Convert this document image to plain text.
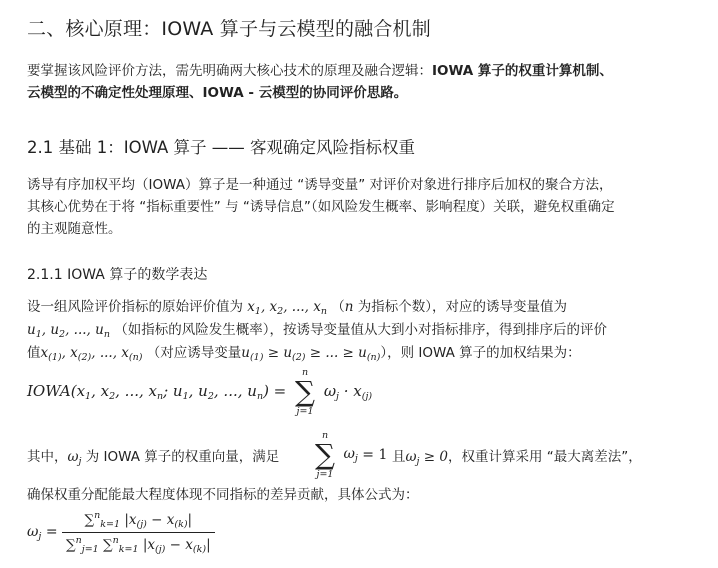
二、核心原理：IOWA 算子与云模型的融合机制
要掌握该风险评价方法，需先明确两大核心技术的原理及融合逻辑：IOWA 算子的权重计算机制、
云模型的不确定性处理原理、IOWA - 云模型的协同评价思路。
2.1 基础 1：IOWA 算子 —— 客观确定风险指标权重
诱导有序加权平均（IOWA）算子是一种通过 “诱导变量” 对评价对象进行排序后加权的聚合方法，
其核心优势在于将 “指标重要性” 与 “诱导信息”（如风险发生概率、影响程度）关联，避免权重确定
的主观随意性。
2.1.1 IOWA 算子的数学表达
设一组风险评价指标的原始评价值为 $x_1$, $x_2$, ..., $x_n$ （n 为指标个数），对应的诱导变量值为
$u_1$, $u_2$, ..., $u_n$ （如指标的风险发生概率），按诱导变量值从大到小对指标排序，得到排序后的评价
值$x_{(1)}$, $x_{(2)}$, ..., $x_{(n)}$ （对应诱导变量$u_{(1)} \ge u_{(2)}$ ≥ ... ≥ $u_{(n)}$），则 IOWA 算子的加权结果为：
$IOWA(x_1$, $x_2$, ..., $x_n$; $u_1$, $u_2$, ..., $u_n$) =
n
∑
j=1
$\omega_j \cdot x_{(j)}$
其中，$\omega_j$ 为 IOWA 算子的权重向量，满足
n
∑
j=1
$\omega_j = 1$ 且$\omega_j \ge 0$，权重计算采用 “最大离差法”，
确保权重分配能最大程度体现不同指标的差异贡献，具体公式为：
$\omega_j = \frac{\sum^n_{k=1} |x_{(j)} - x_{(k)}|}{\sum^n_{j=1} \sum^n_{k=1} |x_{(j)} - x_{(k)}|}$
